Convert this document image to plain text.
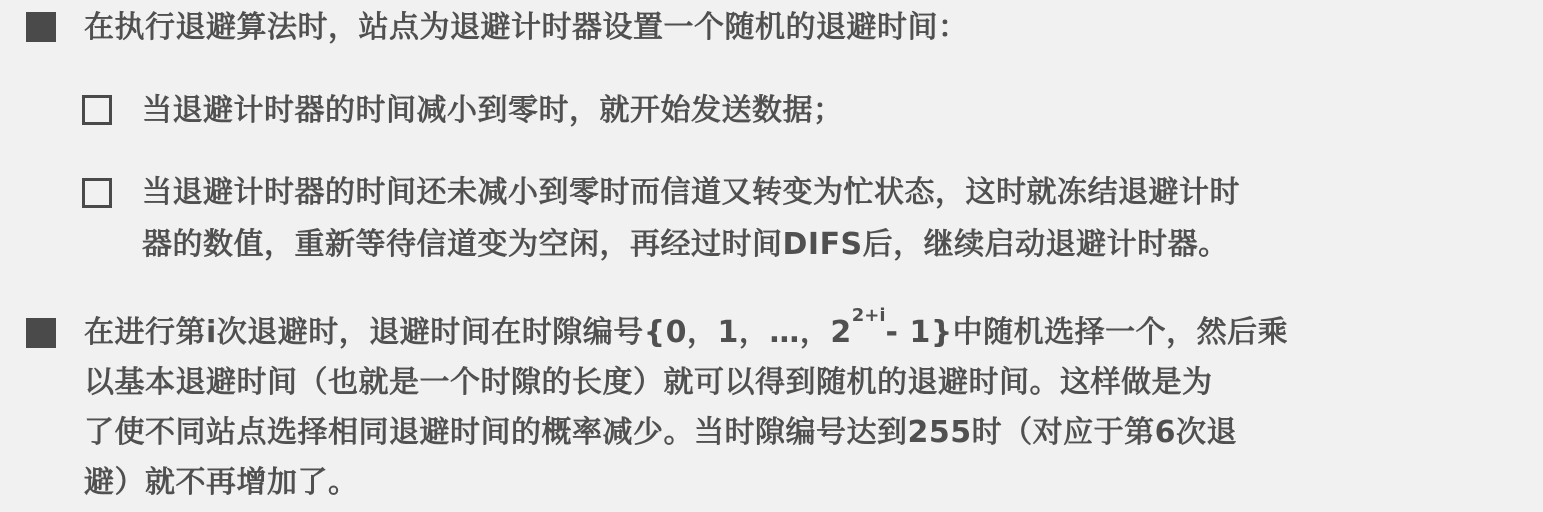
在执行退避算法时，站点为退避计时器设置一个随机的退避时间：
当退避计时器的时间减小到零时，就开始发送数据；
当退避计时器的时间还未减小到零时而信道又转变为忙状态，这时就冻结退避计时
器的数值，重新等待信道变为空闲，再经过时间DIFS后，继续启动退避计时器。
在进行第i次退避时，退避时间在时隙编号{0，1，…，$2^{2+i}-$ 1}中随机选择一个，然后乘
以基本退避时间（也就是一个时隙的长度）就可以得到随机的退避时间。这样做是为
了使不同站点选择相同退避时间的概率减少。当时隙编号达到255时（对应于第6次退
避）就不再增加了。
